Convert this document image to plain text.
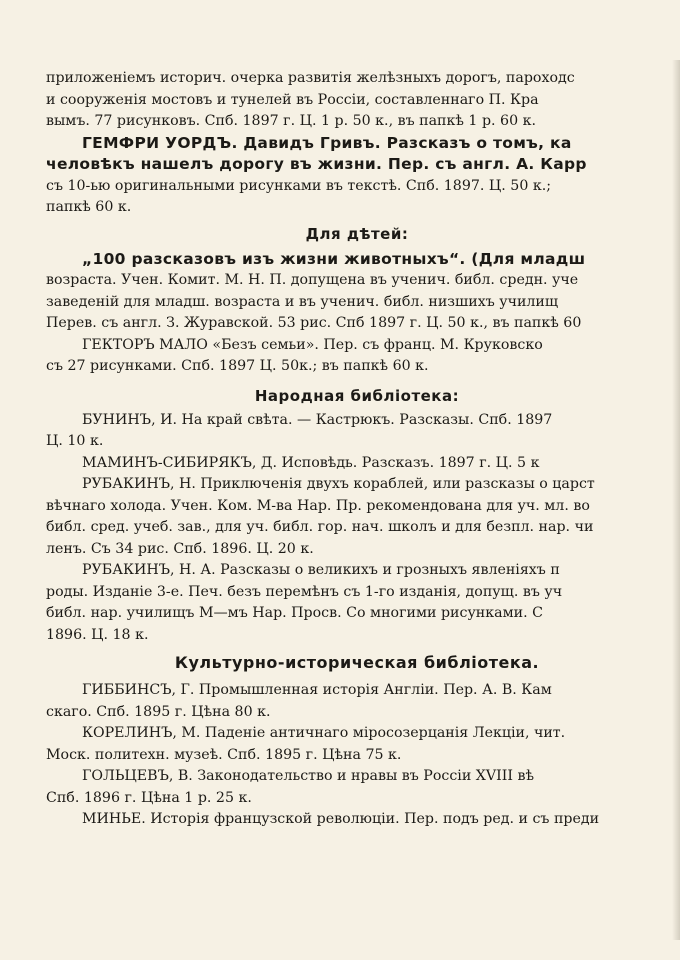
приложеніемъ историч. очерка развитія желѣзныхъ дорогъ, пароходс
и сооруженія мостовъ и тунелей въ Россіи, составленнаго П. Кра
вымъ. 77 рисунковъ. Спб. 1897 г. Ц. 1 р. 50 к., въ папкѣ 1 р. 60 к.
ГЕМФРИ УОРДЪ. Давидъ Гривъ. Разсказъ о томъ, ка
человѣкъ нашелъ дорогу въ жизни. Пер. съ англ. А. Карр
съ 10-ью оригинальными рисунками въ текстѣ. Спб. 1897. Ц. 50 к.;
папкѣ 60 к.
Для дѣтей:
„100 разсказовъ изъ жизни животныхъ“. (Для младш
возраста. Учен. Комит. М. Н. П. допущена въ ученич. библ. средн. уче
заведеній для младш. возраста и въ ученич. библ. низшихъ училищ
Перев. съ англ. З. Журавской. 53 рис. Спб 1897 г. Ц. 50 к., въ папкѣ 60
ГЕКТОРЪ МАЛО «Безъ семьи». Пер. съ франц. М. Круковско
съ 27 рисунками. Спб. 1897 Ц. 50к.; въ папкѣ 60 к.
Народная библіотека:
БУНИНЪ, И. На край свѣта. — Кастрюкъ. Разсказы. Спб. 1897
Ц. 10 к.
МАМИНЪ-СИБИРЯКЪ, Д. Исповѣдь. Разсказъ. 1897 г. Ц. 5 к
РУБАКИНЪ, Н. Приключенія двухъ кораблей, или разсказы о царст
вѣчнаго холода. Учен. Ком. М-ва Нар. Пр. рекомендована для уч. мл. во
библ. сред. учеб. зав., для уч. библ. гор. нач. школъ и для безпл. нар. чи
ленъ. Съ 34 рис. Спб. 1896. Ц. 20 к.
РУБАКИНЪ, Н. А. Разсказы о великихъ и грозныхъ явленіяхъ п
роды. Изданіе 3-е. Печ. безъ перемѣнъ съ 1-го изданія, допущ. въ уч
библ. нар. училищъ М—мъ Нар. Просв. Со многими рисунками. С
1896. Ц. 18 к.
Культурно-историческая библіотека.
ГИББИНСЪ, Г. Промышленная исторія Англіи. Пер. А. В. Кам
скаго. Спб. 1895 г. Цѣна 80 к.
КОРЕЛИНЪ, М. Паденіе античнаго міросозерцанія Лекціи, чит.
Моск. политехн. музеѣ. Спб. 1895 г. Цѣна 75 к.
ГОЛЬЦЕВЪ, В. Законодательство и нравы въ Россіи XVIII вѣ
Спб. 1896 г. Цѣна 1 р. 25 к.
МИНЬЕ. Исторія французской революціи. Пер. подъ ред. и съ преди
